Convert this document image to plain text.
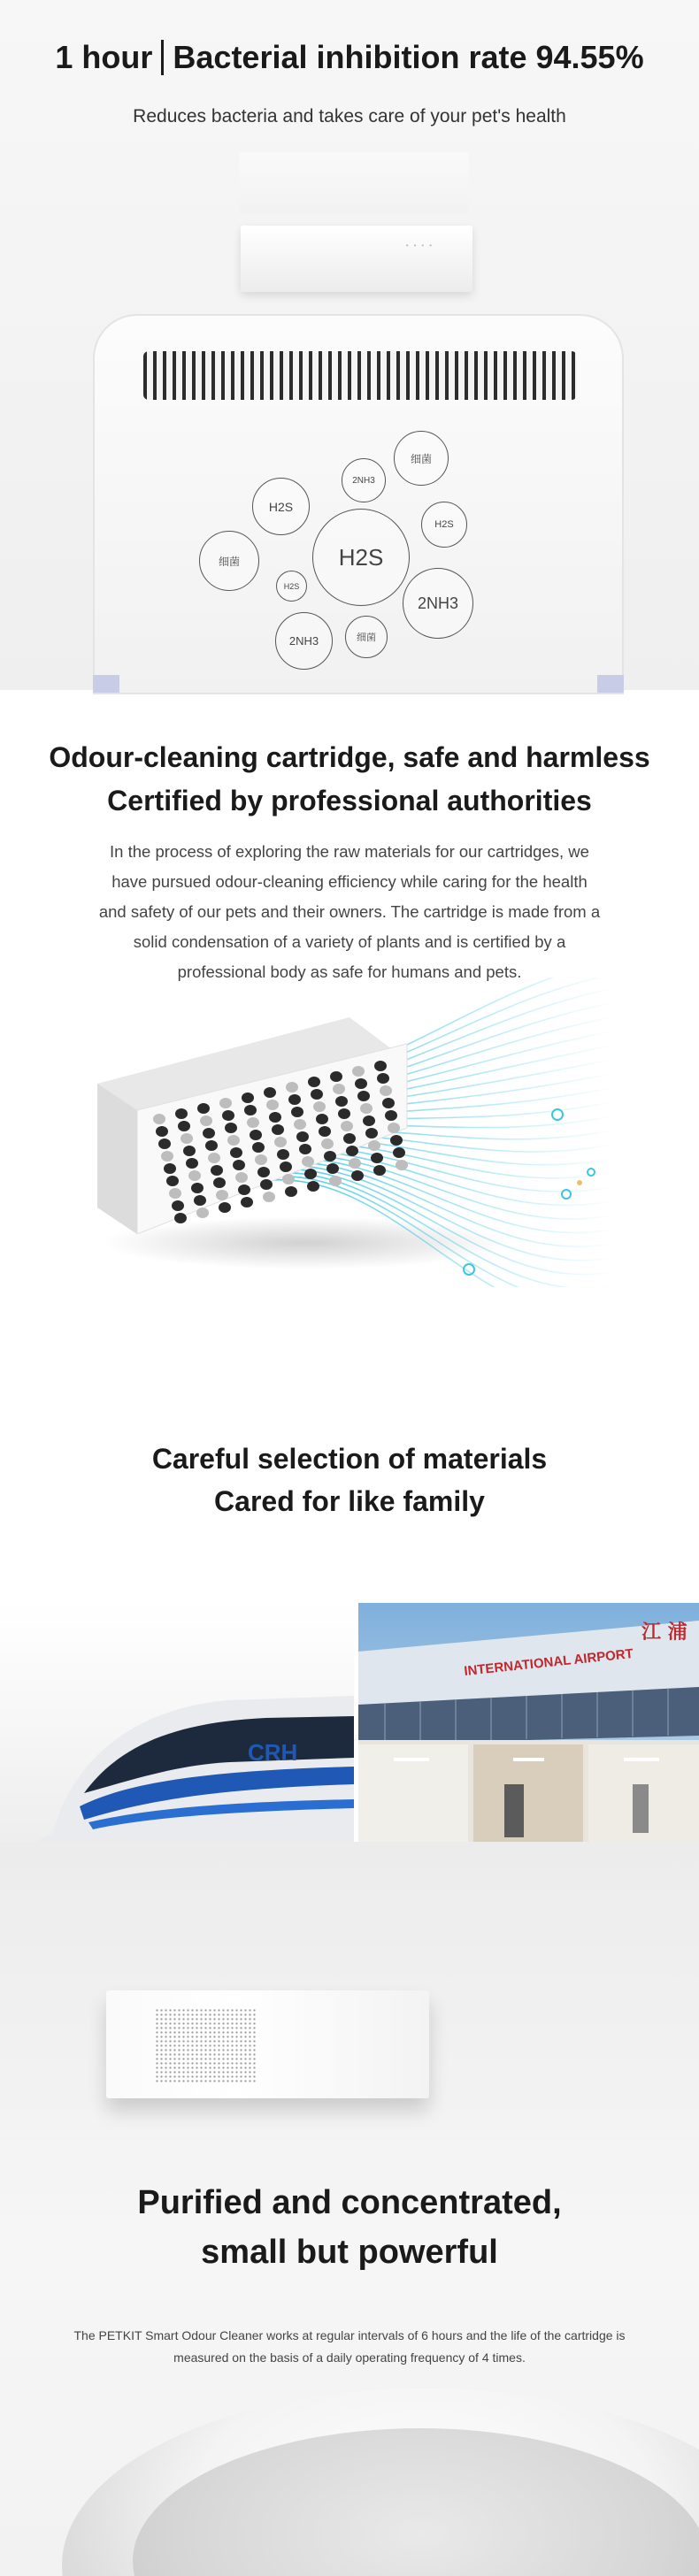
1 hour Bacterial inhibition rate 94.55%
Reduces bacteria and takes care of your pet's health
••••
细菌
2NH3
H2S
H2S
细菌	H2S
H2S
2NH3
2NH3	细菌
Odour-cleaning cartridge, safe and harmless
Certified by professional authorities

In the process of exploring the raw materials for our cartridges, we have pursued odour-cleaning efficiency while caring for the health and safety of our pets and their owners. The cartridge is made from a solid condensation of a variety of plants and is certified by a professional body as safe for humans and pets.

Careful selection of materials
Cared for like family
CRH
INTERNATIONAL AIRPORT
江 浦
Purified and concentrated,
small but powerful

The PETKIT Smart Odour Cleaner works at regular intervals of 6 hours and the life of the cartridge is measured on the basis of a daily operating frequency of 4 times.
